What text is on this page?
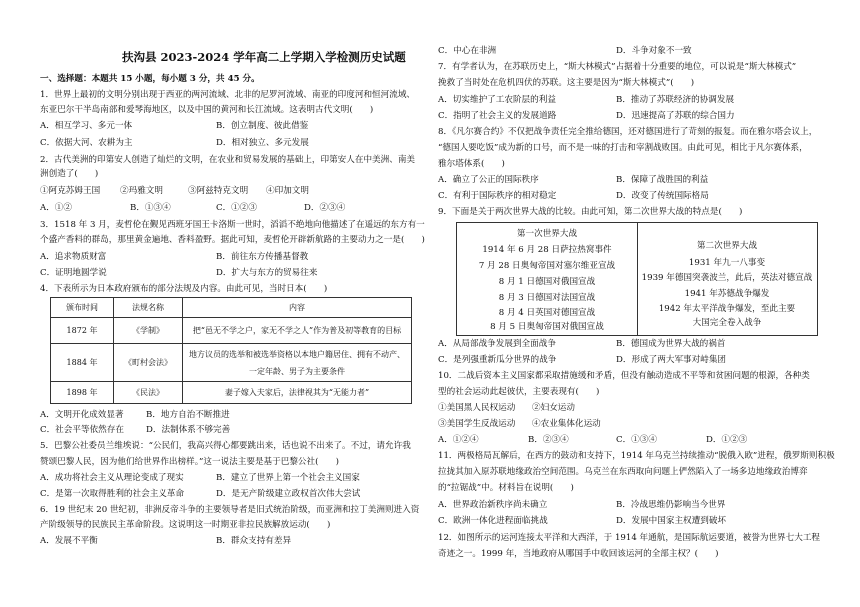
扶沟县 2023-2024 学年高二上学期入学检测历史试题
一、选择题：本题共 15 小题，每小题 3 分，共 45 分。
1．世界上最初的文明分别出现于西亚的两河流域、北非的尼罗河流域、南亚的印度河和恒河流域、
东亚巴尔干半岛南部和爱琴海地区，以及中国的黄河和长江流域。这表明古代文明(　　)
A．相互学习、多元一体	B．创立制度、彼此借鉴
C．依据大河、农耕为主	D．相对独立、多元发展
2．古代美洲的印第安人创造了灿烂的文明，在农业和贸易发展的基础上，印第安人在中美洲、南美
洲创造了(　　)
①阿克苏姆王国 ②玛雅文明	③阿兹特克文明 ④印加文明
A．①②	B．①③④	C．①②③	D．②③④
3．1518 年 3 月，麦哲伦在觐见西班牙国王卡洛斯一世时，滔滔不绝地向他描述了在遥远的东方有一
个盛产香料的群岛，那里黄金遍地、香料盈野。据此可知，麦哲伦开辟新航路的主要动力之一是(　　)
A．追求物质财富	B．前往东方传播基督教
C．证明地圆学说	D．扩大与东方的贸易往来
4．下表所示为日本政府颁布的部分法规及内容。由此可见，当时日本(　　)
颁布时间	法规名称	内容
1872 年	《学制》	把“邑无不学之户，家无不学之人”作为普及初等教育的目标
1884 年	《町村会法》	地方议员的选举和被选举资格以本地户籍居住、拥有不动产、
一定年龄、男子为主要条件

1898 年	《民法》	妻子嫁入夫家后，法律视其为“无能力者”
A．文明开化成效显著	B．地方自治不断推进
C．社会平等依然存在	D．法制体系不够完善
5．巴黎公社委员兰维埃说：“公民们，我高兴得心都要跳出来，话也说不出来了。不过，请允许我
赞颂巴黎人民，因为他们给世界作出榜样。”这一说法主要是基于巴黎公社(　　)
A．成功将社会主义从理论变成了现实	B．建立了世界上第一个社会主义国家
C．是第一次取得胜利的社会主义革命	D．是无产阶级建立政权首次伟大尝试
6．19 世纪末 20 世纪初，非洲反帝斗争的主要领导者是旧式统治阶级，而亚洲和拉丁美洲则进入资
产阶级领导的民族民主革命阶段。这说明这一时期亚非拉民族解放运动(　　)
A．发展不平衡	B．群众支持有差异
C．中心在非洲	D．斗争对象不一致
7．有学者认为，在苏联历史上，“斯大林模式”占据着十分重要的地位，可以说是“斯大林模式”
挽救了当时处在危机四伏的苏联。这主要是因为“斯大林模式”(　　)
A．切实维护了工农阶层的利益	B．推动了苏联经济的协调发展
C．指明了社会主义的发展道路	D．迅速提高了苏联的综合国力
8．《凡尔赛合约》不仅把战争责任完全推给德国，还对德国进行了苛刻的报复。而在雅尔塔会议上，
“德国人要吃饭”成为新的口号，而不是一味的打击和宰割战败国。由此可见，相比于凡尔赛体系，
雅尔塔体系(　　)
A．确立了公正的国际秩序	B．保障了战胜国的利益
C．有利于国际秩序的相对稳定	D．改变了传统国际格局
9．下面是关于两次世界大战的比较。由此可知，第二次世界大战的特点是(　　)
第一次世界大战
1914 年 6 月 28 日萨拉热窝事件
7 月 28 日奥匈帝国对塞尔维亚宣战
8 月 1 日德国对俄国宣战
8 月 3 日德国对法国宣战
8 月 4 日英国对德国宣战
8 月 5 日奥匈帝国对俄国宣战
第二次世界大战
1931 年九一八事变
1939 年德国突袭波兰，此后，英法对德宣战
1941 年苏德战争爆发
1942 年太平洋战争爆发，至此主要
大国完全卷入战争
A．从局部战争发展到全面战争	B．德国成为世界大战的祸首
C．是列强重新瓜分世界的战争	D．形成了两大军事对峙集团
10．二战后资本主义国家都采取措施缓和矛盾，但没有触动造成不平等和贫困问题的根源，各种类
型的社会运动此起彼伏，主要表现有(　　)
①美国黑人民权运动 ②妇女运动
③美国学生反战运动 ④农业集体化运动
A．①②④	B．②③④	C．①③④	D．①②③
11．两极格局瓦解后，在西方的鼓动和支持下，1914 年乌克兰持续推动“脱俄入欧”进程，俄罗斯则积极
拉拢其加入原苏联地缘政治空间范围。乌克兰在东西取向问题上俨然陷入了一场多边地缘政治博弈
的“拉锯战”中。材料旨在说明(　　)
A．世界政治新秩序尚未确立	B．冷战思维仍影响当今世界
C．欧洲一体化进程面临挑战	D．发展中国家主权遭到破坏
12．如图所示的运河连接太平洋和大西洋，于 1914 年通航，是国际航运要道，被誉为世界七大工程
奇迹之一。1999 年，当地政府从哪国手中收回该运河的全部主权？(　　)
